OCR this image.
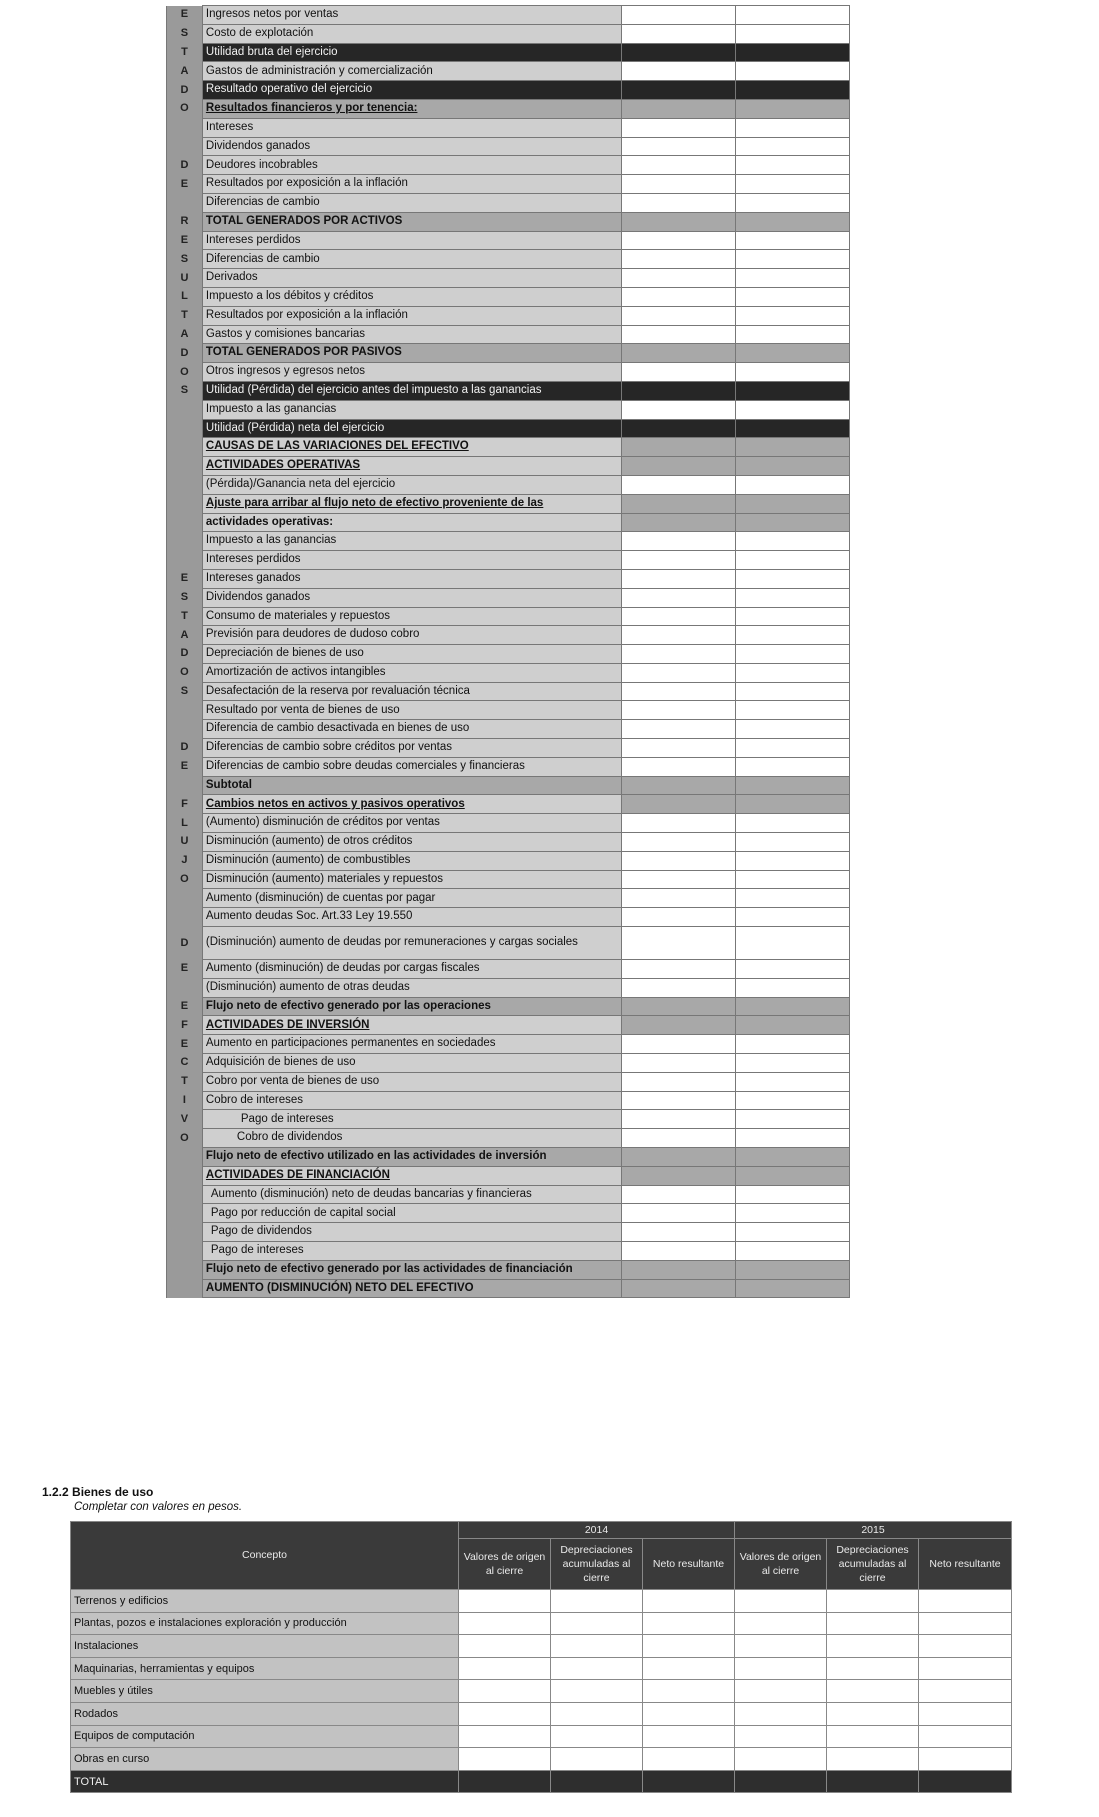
E	Ingresos netos por ventas		
S	Costo de explotación		
T	Utilidad bruta del ejercicio		
A	Gastos de administración y comercialización		
D	Resultado operativo del ejercicio		
O	Resultados financieros y por tenencia:		
	Intereses		
	Dividendos ganados		
D	Deudores incobrables		
E	Resultados por exposición a la inflación		
	Diferencias de cambio		
R	TOTAL GENERADOS POR ACTIVOS		
E	Intereses perdidos		
S	Diferencias de cambio		
U	Derivados		
L	Impuesto a los débitos y créditos		
T	Resultados por exposición a la inflación		
A	Gastos y comisiones bancarias		
D	TOTAL GENERADOS POR PASIVOS		
O	Otros ingresos y egresos netos		
S	Utilidad (Pérdida) del ejercicio antes del impuesto a las ganancias		
	Impuesto a las ganancias		
	Utilidad (Pérdida) neta del ejercicio		
	CAUSAS DE LAS VARIACIONES DEL EFECTIVO		
	ACTIVIDADES OPERATIVAS		
	(Pérdida)/Ganancia neta del ejercicio		
	Ajuste para arribar al flujo neto de efectivo proveniente de las		
	actividades operativas:		
	Impuesto a las ganancias		
	Intereses perdidos		
E	Intereses ganados		
S	Dividendos ganados		
T	Consumo de materiales y repuestos		
A	Previsión para deudores de dudoso cobro		
D	Depreciación de bienes de uso		
O	Amortización de activos intangibles		
S	Desafectación de la reserva por revaluación técnica		
	Resultado por venta de bienes de uso		
	Diferencia de cambio desactivada en bienes de uso		
D	Diferencias de cambio sobre créditos por ventas		
E	Diferencias de cambio sobre deudas comerciales y financieras		
	Subtotal		
F	Cambios netos en activos y pasivos operativos		
L	(Aumento) disminución de créditos por ventas		
U	Disminución (aumento) de otros créditos		
J	Disminución (aumento) de combustibles		
O	Disminución (aumento) materiales y repuestos		
	Aumento (disminución) de cuentas por pagar		
	Aumento deudas Soc. Art.33 Ley 19.550		
D	(Disminución) aumento de deudas por remuneraciones y cargas sociales		
E	Aumento (disminución) de deudas por cargas fiscales		
	(Disminución) aumento de otras deudas		
E	Flujo neto de efectivo generado por las operaciones		
F	ACTIVIDADES DE INVERSIÓN		
E	Aumento en participaciones permanentes en sociedades		
C	Adquisición de bienes de uso		
T	Cobro por venta de bienes de uso		
I	Cobro de intereses		
V	Pago de intereses		
O	Cobro de dividendos		
	Flujo neto de efectivo utilizado en las actividades de inversión		
	ACTIVIDADES DE FINANCIACIÓN		
	Aumento (disminución) neto de deudas bancarias y financieras		
	Pago por reducción de capital social		
	Pago de dividendos		
	Pago de intereses		
	Flujo neto de efectivo generado por las actividades de financiación		
	AUMENTO (DISMINUCIÓN) NETO DEL EFECTIVO		
1.2.2 Bienes de uso
Completar con valores en pesos.
Concepto	2014			2015		
	Valores de origen al cierre	Depreciaciones acumuladas al cierre	Neto resultante	Valores de origen al cierre	Depreciaciones acumuladas al cierre	Neto resultante
Terrenos y edificios						
Plantas, pozos e instalaciones exploración y producción						
Instalaciones						
Maquinarias, herramientas y equipos						
Muebles y útiles						
Rodados						
Equipos de computación						
Obras en curso						
TOTAL						
